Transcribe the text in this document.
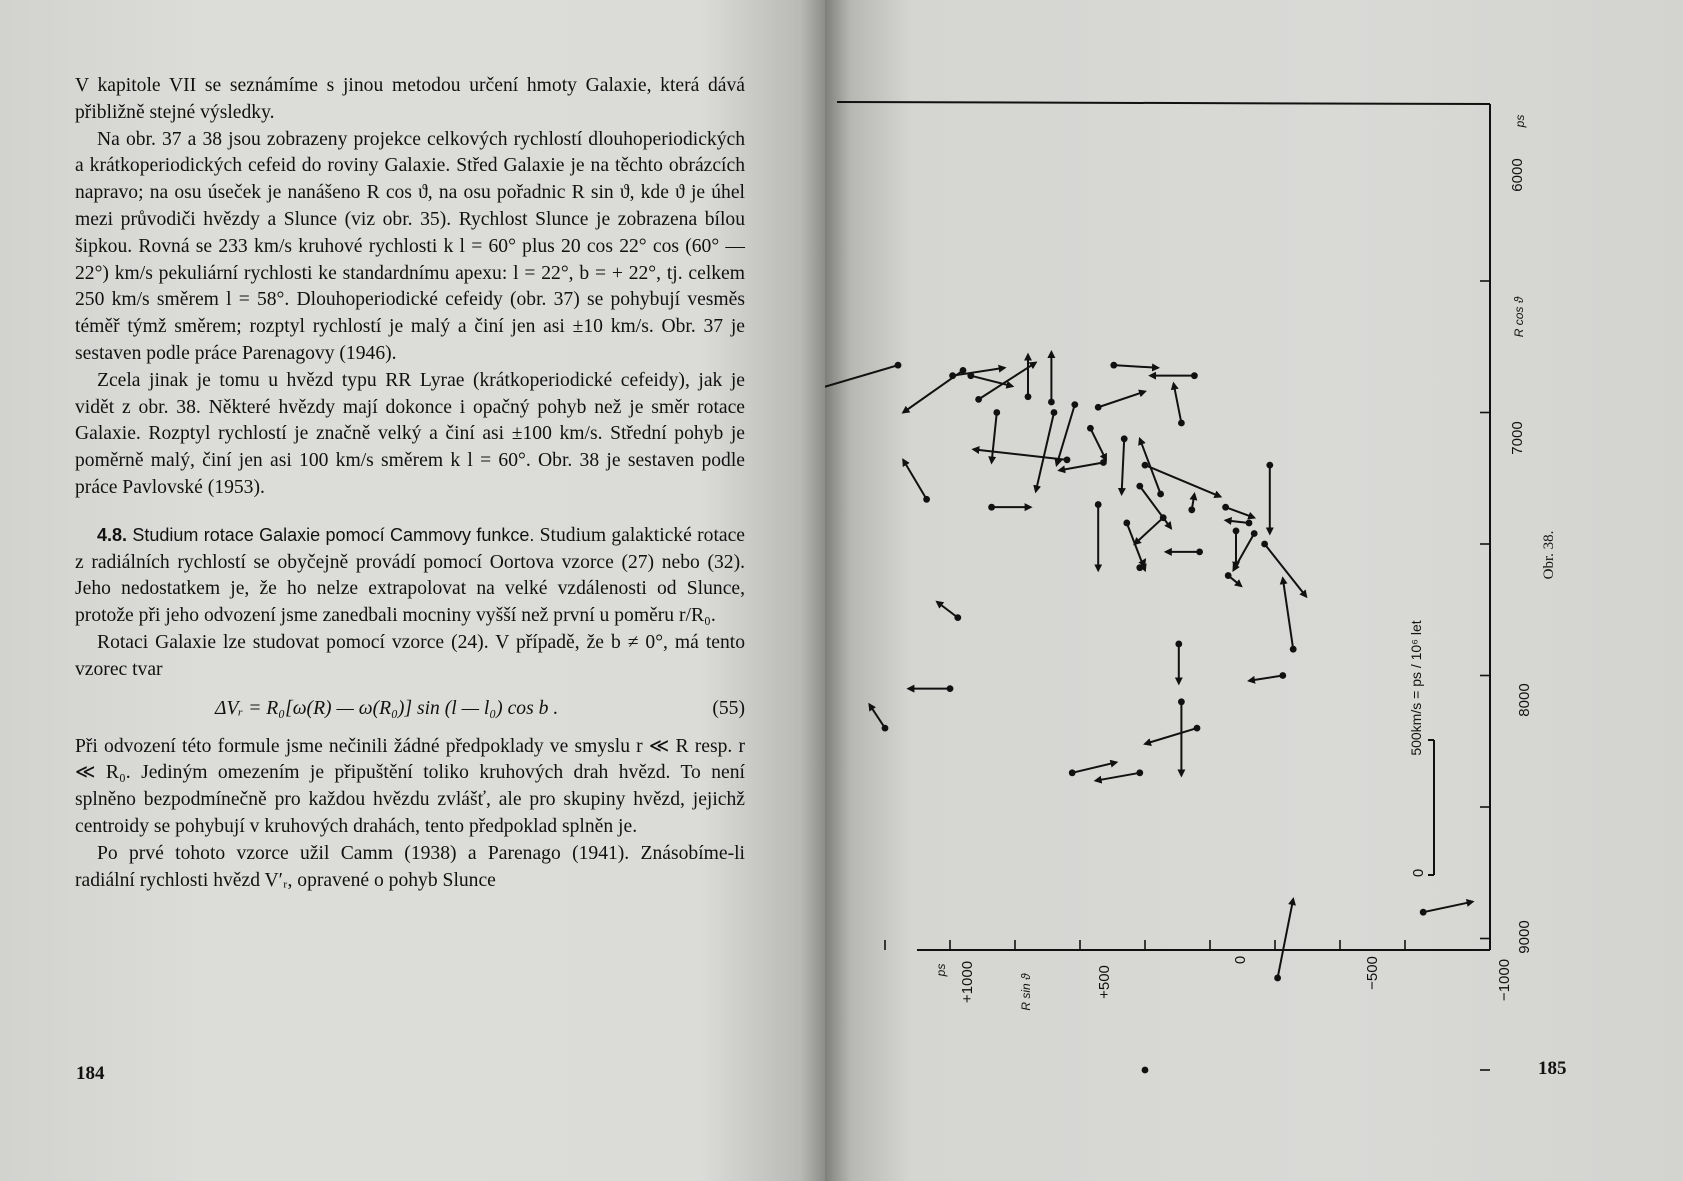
V kapitole VII se seznámíme s jinou metodou určení hmoty Galaxie, která dává přibližně stejné výsledky.

Na obr. 37 a 38 jsou zobrazeny projekce celkových rychlostí dlouhoperiodických a krátkoperiodických cefeid do roviny Galaxie. Střed Galaxie je na těchto obrázcích napravo; na osu úseček je nanášeno R cos ϑ, na osu pořadnic R sin ϑ, kde ϑ je úhel mezi průvodiči hvězdy a Slunce (viz obr. 35). Rychlost Slunce je zobrazena bílou šipkou. Rovná se 233 km/s kruhové rychlosti k l = 60° plus 20 cos 22° cos (60° — 22°) km/s pekuliární rychlosti ke standardnímu apexu: l = 22°, b = + 22°, tj. celkem 250 km/s směrem l = 58°. Dlouhoperiodické cefeidy (obr. 37) se pohybují vesměs téměř týmž směrem; rozptyl rychlostí je malý a činí jen asi ±10 km/s. Obr. 37 je sestaven podle práce Parenagovy (1946).

Zcela jinak je tomu u hvězd typu RR Lyrae (krátkoperiodické cefeidy), jak je vidět z obr. 38. Některé hvězdy mají dokonce i opačný pohyb než je směr rotace Galaxie. Rozptyl rychlostí je značně velký a činí asi ±100 km/s. Střední pohyb je poměrně malý, činí jen asi 100 km/s směrem k l = 60°. Obr. 38 je sestaven podle práce Pavlovské (1953).

4.8. Studium rotace Galaxie pomocí Cammovy funkce. Studium galaktické rotace z radiálních rychlostí se obyčejně provádí pomocí Oortova vzorce (27) nebo (32). Jeho nedostatkem je, že ho nelze extrapolovat na velké vzdálenosti od Slunce, protože při jeho odvození jsme zanedbali mocniny vyšší než první u poměru r/R₀.

Rotaci Galaxie lze studovat pomocí vzorce (24). V případě, že b ≠ 0°, má tento vzorec tvar

ΔVᵣ = R₀[ω(R) — ω(R₀)] sin (l — l₀) cos b .	(55)

Při odvození této formule jsme nečinili žádné předpoklady ve smyslu r ≪ R resp. r ≪ R₀. Jediným omezením je připuštění toliko kruhových drah hvězd. To není splněno bezpodmínečně pro každou hvězdu zvlášť, ale pro skupiny hvězd, jejichž centroidy se pohybují v kruhových drahách, tento předpoklad splněn je.

Po prvé tohoto vzorce užil Camm (1938) a Parenago (1941). Znásobíme-li radiální rychlosti hvězd V′ᵣ, opravené o pohyb Slunce

184
6000
7000
8000
9000
ps
R cos ϑ
+1000	+500
0	−500	−1000
ps
R sin ϑ
0
500km/s = ps / 10⁶ let
Obr. 38.
185
